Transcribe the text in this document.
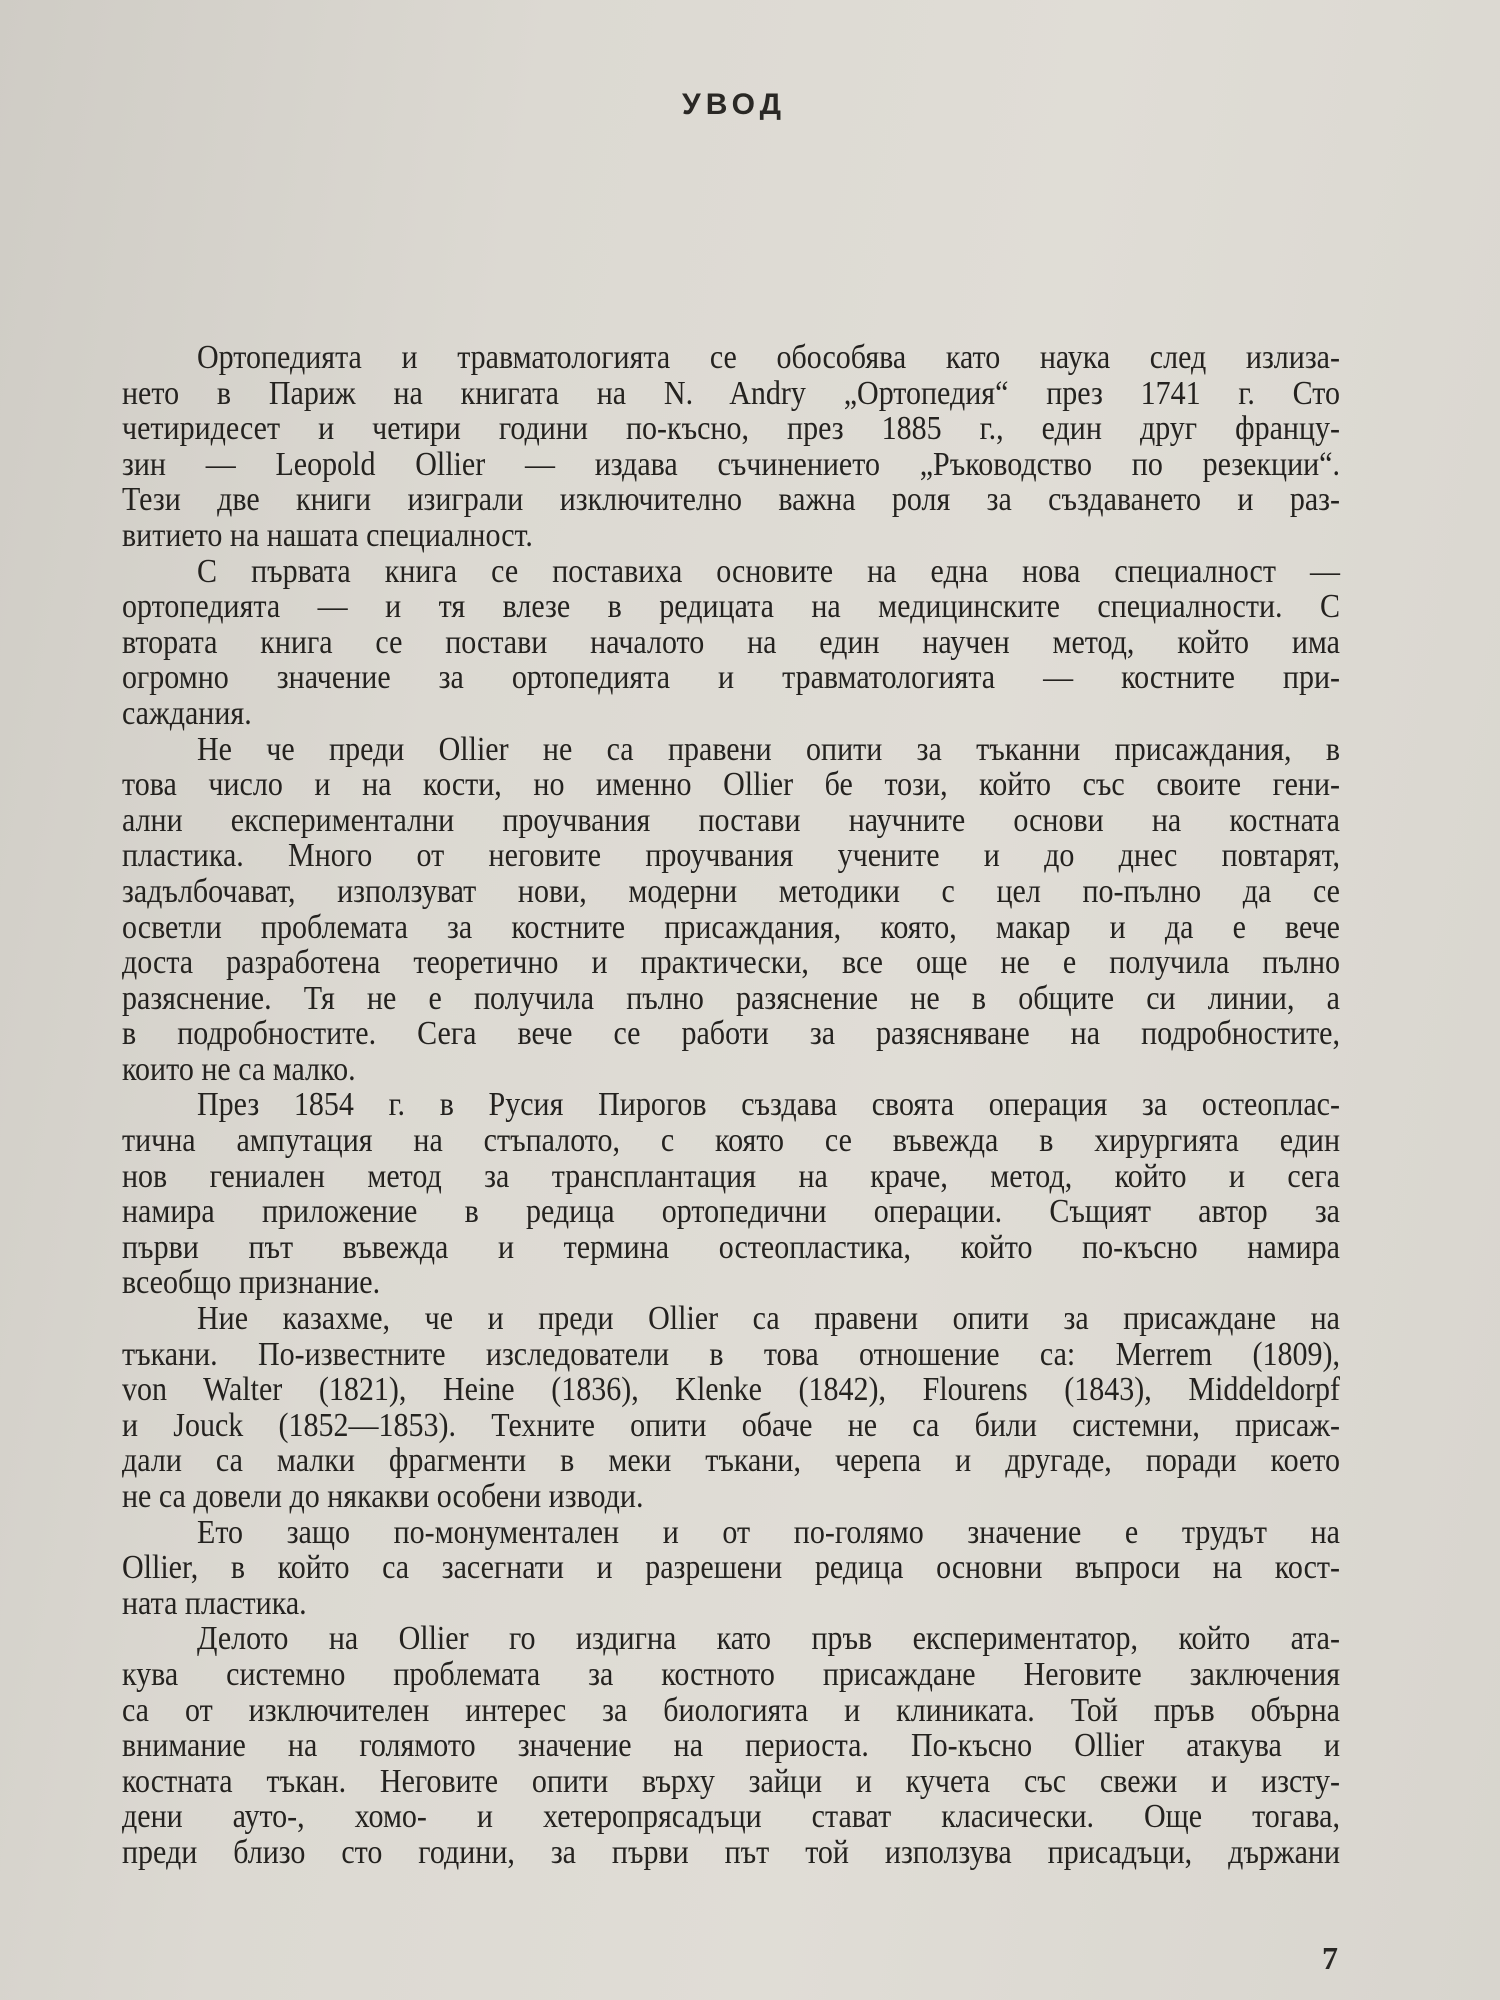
УВОД
Ортопедията и травматологията се обособява като наука след излиза-
нето в Париж на книгата на N. Andry „Ортопедия“ през 1741 г. Сто
четиридесет и четири години по-късно, през 1885 г., един друг францу-
зин — Leopold Ollier — издава съчинението „Ръководство по резекции“.
Тези две книги изиграли изключително важна роля за създаването и раз-
витието на нашата специалност.
С първата книга се поставиха основите на една нова специалност —
ортопедията — и тя влезе в редицата на медицинските специалности. С
втората книга се постави началото на един научен метод, който има
огромно значение за ортопедията и травматологията — костните при-
саждания.
Не че преди Ollier не са правени опити за тъканни присаждания, в
това число и на кости, но именно Ollier бе този, който със своите гени-
ални експериментални проучвания постави научните основи на костната
пластика. Много от неговите проучвания учените и до днес повтарят,
задълбочават, използуват нови, модерни методики с цел по-пълно да се
осветли проблемата за костните присаждания, която, макар и да е вече
доста разработена теоретично и практически, все още не е получила пълно
разяснение. Тя не е получила пълно разяснение не в общите си линии, а
в подробностите. Сега вече се работи за разясняване на подробностите,
които не са малко.
През 1854 г. в Русия Пирогов създава своята операция за остеоплас-
тична ампутация на стъпалото, с която се въвежда в хирургията един
нов гениален метод за трансплантация на краче, метод, който и сега
намира приложение в редица ортопедични операции. Същият автор за
първи път въвежда и термина остеопластика, който по-късно намира
всеобщо признание.
Ние казахме, че и преди Ollier са правени опити за присаждане на
тъкани. По-известните изследователи в това отношение са: Merrem (1809),
von Walter (1821), Heine (1836), Klenke (1842), Flourens (1843), Middeldorpf
и Jouck (1852—1853). Техните опити обаче не са били системни, присаж-
дали са малки фрагменти в меки тъкани, черепа и другаде, поради което
не са довели до някакви особени изводи.
Ето защо по-монументален и от по-голямо значение е трудът на
Ollier, в който са засегнати и разрешени редица основни въпроси на кост-
ната пластика.
Делото на Ollier го издигна като пръв експериментатор, който ата-
кува системно проблемата за костното присаждане Неговите заключения
са от изключителен интерес за биологията и клиниката. Той пръв обърна
внимание на голямото значение на периоста. По-късно Ollier атакува и
костната тъкан. Неговите опити върху зайци и кучета със свежи и изсту-
дени ауто-, хомо- и хетеропрясадъци стават класически. Още тогава,
преди близо сто години, за първи път той използува присадъци, държани
7
